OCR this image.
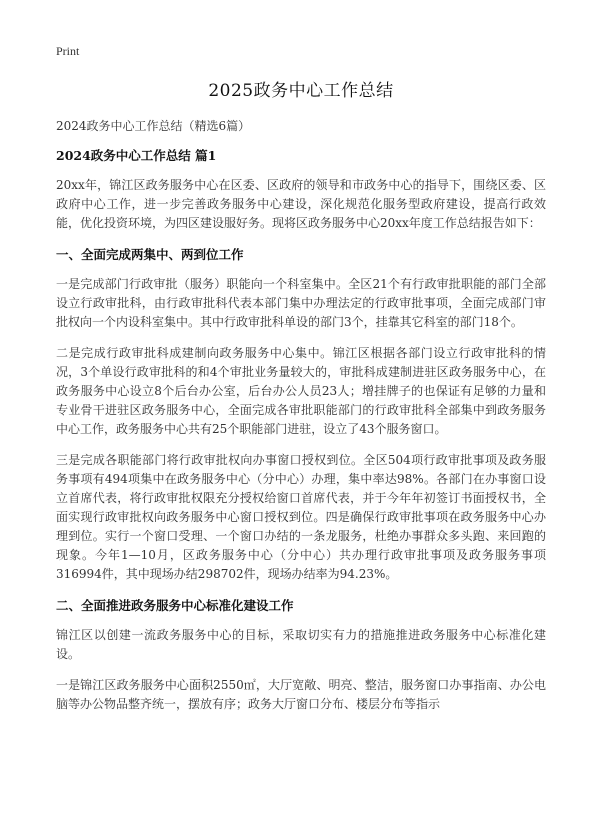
Print
2025政务中心工作总结

2024政务中心工作总结（精选6篇）

2024政务中心工作总结 篇1

20xx年，锦江区政务服务中心在区委、区政府的领导和市政务中心的指导下，围绕区委、区政府中心工作，进一步完善政务服务中心建设，深化规范化服务型政府建设，提高行政效能，优化投资环境，为四区建设服好务。现将区政务服务中心20xx年度工作总结报告如下：

一、全面完成两集中、两到位工作

一是完成部门行政审批（服务）职能向一个科室集中。全区21个有行政审批职能的部门全部设立行政审批科，由行政审批科代表本部门集中办理法定的行政审批事项，全面完成部门审批权向一个内设科室集中。其中行政审批科单设的部门3个，挂靠其它科室的部门18个。

二是完成行政审批科成建制向政务服务中心集中。锦江区根据各部门设立行政审批科的情况，3个单设行政审批科的和4个审批业务量较大的，审批科成建制进驻区政务服务中心，在政务服务中心设立8个后台办公室，后台办公人员23人；增挂牌子的也保证有足够的力量和专业骨干进驻区政务服务中心，全面完成各审批职能部门的行政审批科全部集中到政务服务中心工作，政务服务中心共有25个职能部门进驻，设立了43个服务窗口。

三是完成各职能部门将行政审批权向办事窗口授权到位。全区504项行政审批事项及政务服务事项有494项集中在政务服务中心（分中心）办理，集中率达98%。各部门在办事窗口设立首席代表，将行政审批权限充分授权给窗口首席代表，并于今年年初签订书面授权书，全面实现行政审批权向政务服务中心窗口授权到位。四是确保行政审批事项在政务服务中心办理到位。实行一个窗口受理、一个窗口办结的一条龙服务，杜绝办事群众多头跑、来回跑的现象。今年1—10月，区政务服务中心（分中心）共办理行政审批事项及政务服务事项316994件，其中现场办结298702件，现场办结率为94.23%。

二、全面推进政务服务中心标准化建设工作

锦江区以创建一流政务服务中心的目标，采取切实有力的措施推进政务服务中心标准化建设。

一是锦江区政务服务中心面积2550㎡，大厅宽敞、明亮、整洁，服务窗口办事指南、办公电脑等办公物品整齐统一，摆放有序；政务大厅窗口分布、楼层分布等指示
